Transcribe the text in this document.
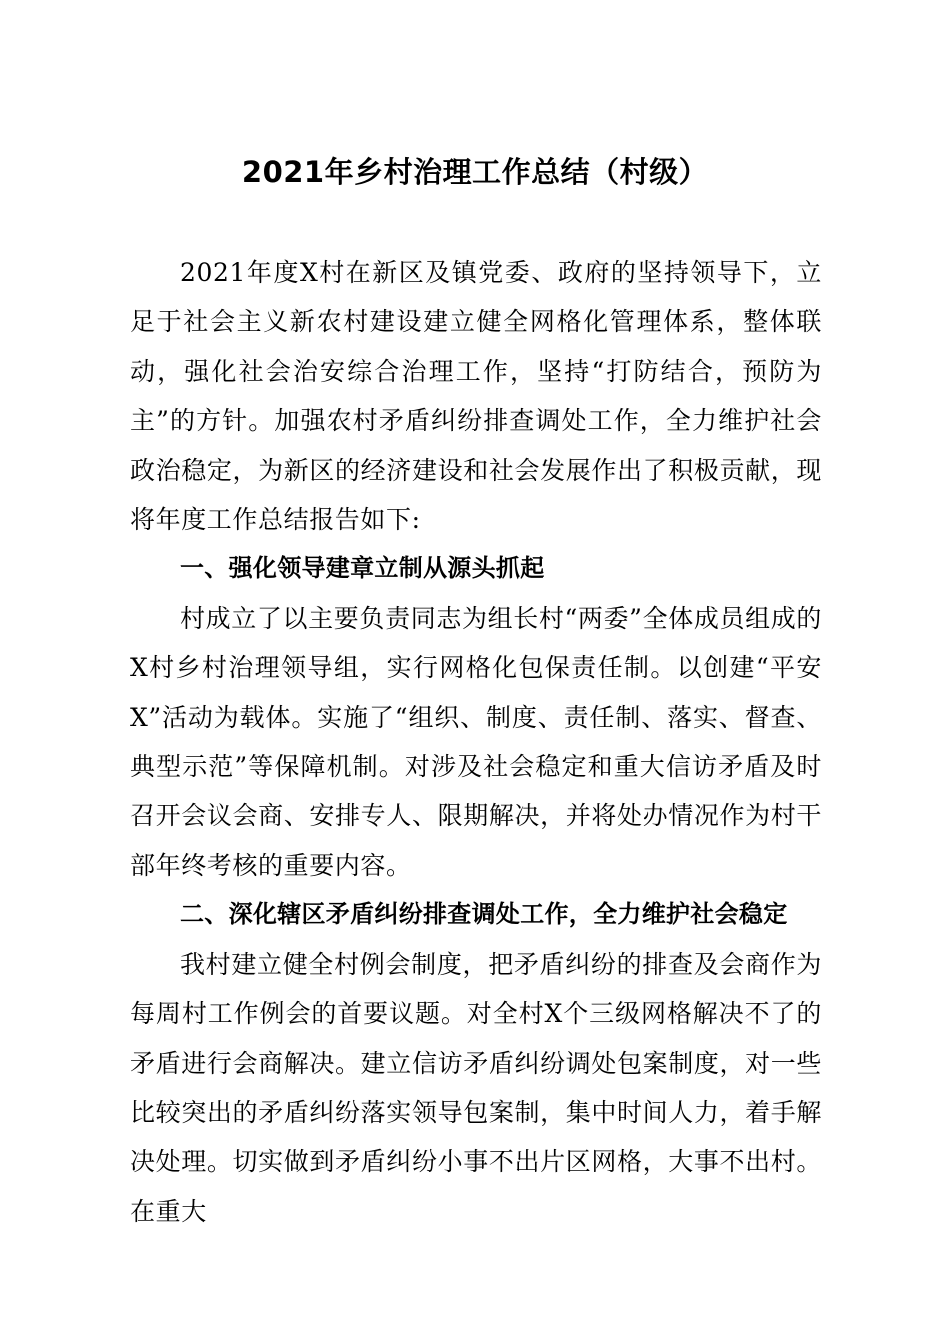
2021年乡村治理工作总结（村级）

2021年度X村在新区及镇党委、政府的坚持领导下，立足于社会主义新农村建设建立健全网格化管理体系，整体联动，强化社会治安综合治理工作，坚持“打防结合，预防为主”的方针。加强农村矛盾纠纷排查调处工作，全力维护社会政治稳定，为新区的经济建设和社会发展作出了积极贡献，现将年度工作总结报告如下:

一、强化领导建章立制从源头抓起

村成立了以主要负责同志为组长村“两委”全体成员组成的X村乡村治理领导组，实行网格化包保责任制。以创建“平安X”活动为载体。实施了“组织、制度、责任制、落实、督查、典型示范”等保障机制。对涉及社会稳定和重大信访矛盾及时召开会议会商、安排专人、限期解决，并将处办情况作为村干部年终考核的重要内容。

二、深化辖区矛盾纠纷排查调处工作，全力维护社会稳定

我村建立健全村例会制度，把矛盾纠纷的排查及会商作为每周村工作例会的首要议题。对全村X个三级网格解决不了的矛盾进行会商解决。建立信访矛盾纠纷调处包案制度，对一些比较突出的矛盾纠纷落实领导包案制，集中时间人力，着手解决处理。切实做到矛盾纠纷小事不出片区网格，大事不出村。在重大
